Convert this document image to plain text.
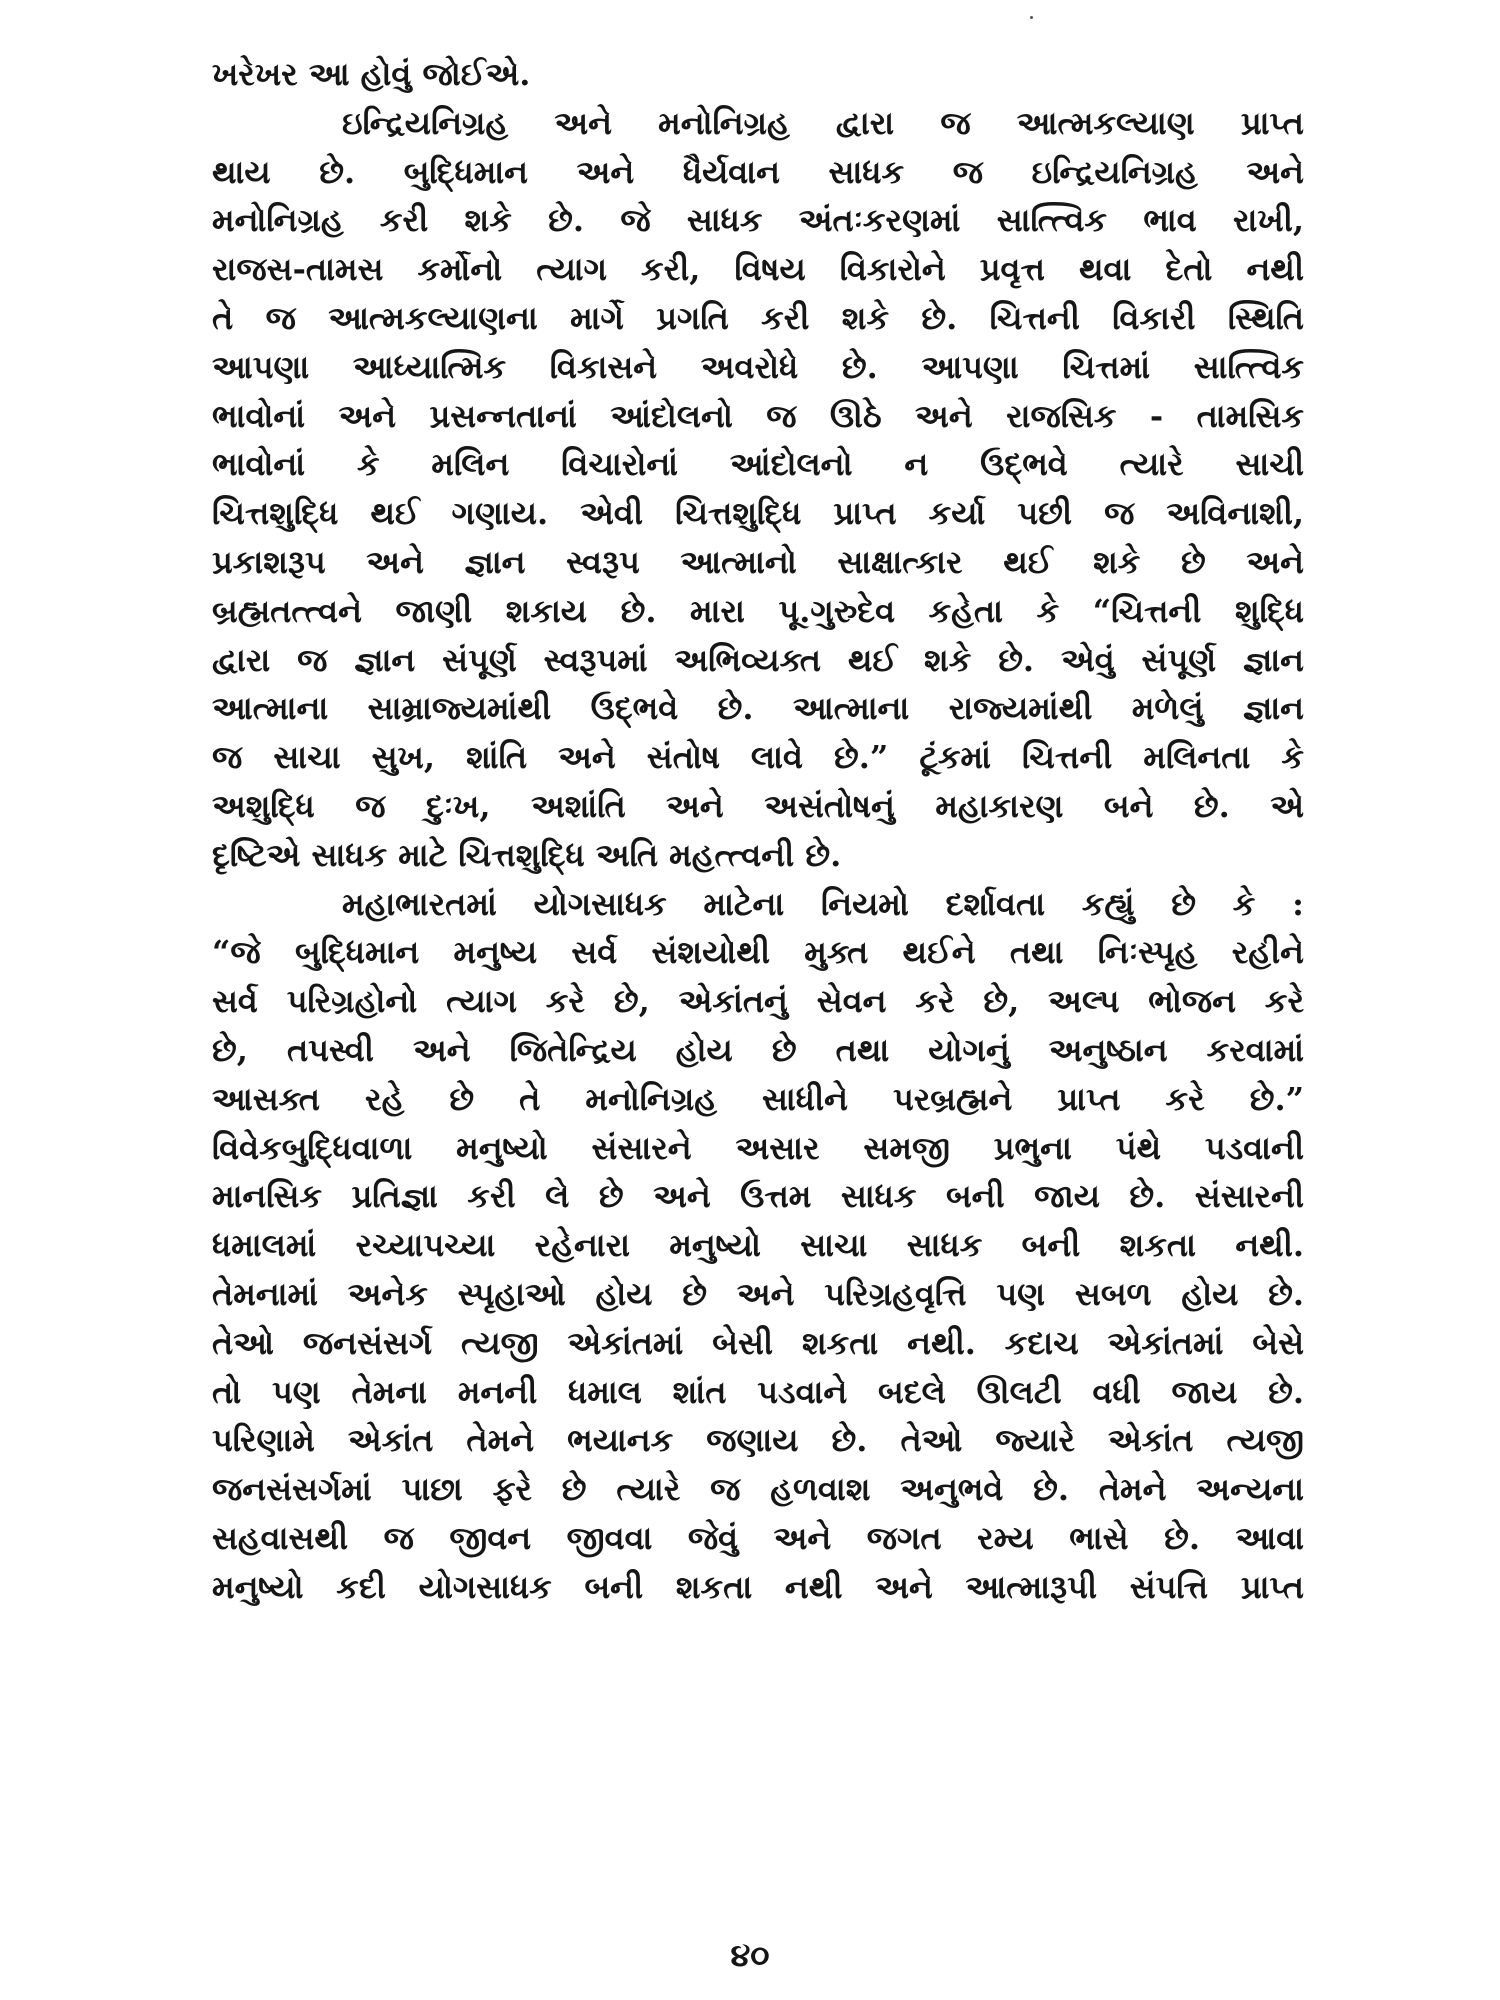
ખરેખર આ હોવું જોઈએ.
ઇન્દ્રિયનિગ્રહ અને મનોનિગ્રહ દ્વારા જ આત્મકલ્યાણ પ્રાપ્ત
થાય છે. બુદ્ધિમાન અને ધૈર્યવાન સાધક જ ઇન્દ્રિયનિગ્રહ અને
મનોનિગ્રહ કરી શકે છે. જે સાધક અંતઃકરણમાં સાત્ત્વિક ભાવ રાખી,
રાજસ-તામસ કર્મોનો ત્યાગ કરી, વિષય વિકારોને પ્રવૃત્ત થવા દેતો નથી
તે જ આત્મકલ્યાણના માર્ગે પ્રગતિ કરી શકે છે. ચિત્તની વિકારી સ્થિતિ
આપણા આધ્યાત્મિક વિકાસને અવરોધે છે. આપણા ચિત્તમાં સાત્ત્વિક
ભાવોનાં અને પ્રસન્નતાનાં આંદોલનો જ ઊઠે અને રાજસિક - તામસિક
ભાવોનાં કે મલિન વિચારોનાં આંદોલનો ન ઉદ્ભવે ત્યારે સાચી
ચિત્તશુદ્ધિ થઈ ગણાય. એવી ચિત્તશુદ્ધિ પ્રાપ્ત કર્યા પછી જ અવિનાશી,
પ્રકાશરૂપ અને જ્ઞાન સ્વરૂપ આત્માનો સાક્ષાત્કાર થઈ શકે છે અને
બ્રહ્મતત્ત્વને જાણી શકાય છે. મારા પૂ.ગુરુદેવ કહેતા કે “ચિત્તની શુદ્ધિ
દ્વારા જ જ્ઞાન સંપૂર્ણ સ્વરૂપમાં અભિવ્યક્ત થઈ શકે છે. એવું સંપૂર્ણ જ્ઞાન
આત્માના સામ્રાજ્યમાંથી ઉદ્ભવે છે. આત્માના રાજ્યમાંથી મળેલું જ્ઞાન
જ સાચા સુખ, શાંતિ અને સંતોષ લાવે છે.” ટૂંકમાં ચિત્તની મલિનતા કે
અશુદ્ધિ જ દુઃખ, અશાંતિ અને અસંતોષનું મહાકારણ બને છે. એ
દૃષ્ટિએ સાધક માટે ચિત્તશુદ્ધિ અતિ મહત્ત્વની છે.
મહાભારતમાં યોગસાધક માટેના નિયમો દર્શાવતા કહ્યું છે કે :
“જે બુદ્ધિમાન મનુષ્ય સર્વ સંશયોથી મુક્ત થઈને તથા નિઃસ્પૃહ રહીને
સર્વ પરિગ્રહોનો ત્યાગ કરે છે, એકાંતનું સેવન કરે છે, અલ્પ ભોજન કરે
છે, તપસ્વી અને જિતેન્દ્રિય હોય છે તથા યોગનું અનુષ્ઠાન કરવામાં
આસક્ત રહે છે તે મનોનિગ્રહ સાધીને પરબ્રહ્મને પ્રાપ્ત કરે છે.”
વિવેકબુદ્ધિવાળા મનુષ્યો સંસારને અસાર સમજી પ્રભુના પંથે પડવાની
માનસિક પ્રતિજ્ઞા કરી લે છે અને ઉત્તમ સાધક બની જાય છે. સંસારની
ધમાલમાં રચ્યાપચ્યા રહેનારા મનુષ્યો સાચા સાધક બની શકતા નથી.
તેમનામાં અનેક સ્પૃહાઓ હોય છે અને પરિગ્રહવૃત્તિ પણ સબળ હોય છે.
તેઓ જનસંસર્ગ ત્યજી એકાંતમાં બેસી શકતા નથી. કદાચ એકાંતમાં બેસે
તો પણ તેમના મનની ધમાલ શાંત પડવાને બદલે ઊલટી વધી જાય છે.
પરિણામે એકાંત તેમને ભયાનક જણાય છે. તેઓ જ્યારે એકાંત ત્યજી
જનસંસર્ગમાં પાછા ફરે છે ત્યારે જ હળવાશ અનુભવે છે. તેમને અન્યના
સહવાસથી જ જીવન જીવવા જેવું અને જગત રમ્ય ભાસે છે. આવા
મનુષ્યો કદી યોગસાધક બની શકતા નથી અને આત્મારૂપી સંપત્તિ પ્રાપ્ત
૪૦
